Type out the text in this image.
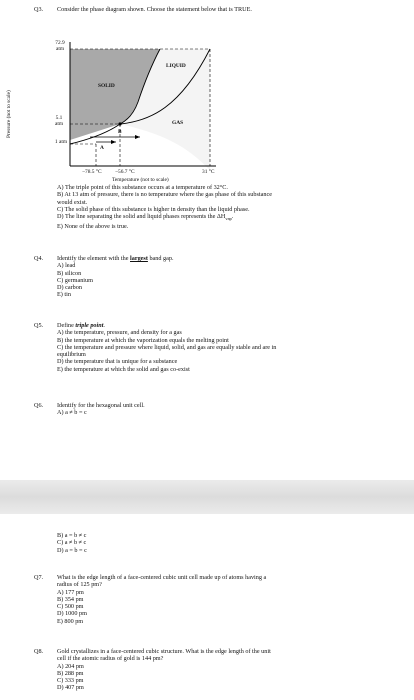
Q3.	Consider the phase diagram shown. Choose the statement below that is TRUE.
Pressure (not to scale)
72.9 atm
5.1 atm
1 atm
SOLID
LIQUID
GAS
B
A
−78.5 °C −56.7 °C	31 °C
Temperature (not to scale)
A) The triple point of this substance occurs at a temperature of 32°C.
B) At 13 atm of pressure, there is no temperature where the gas phase of this substance
would exist.
C) The solid phase of this substance is higher in density than the liquid phase.
D) The line separating the solid and liquid phases represents the $\Delta H_{vap}$.
E) None of the above is true.
Q4.	Identify the element with the largest band gap.
A) lead
B) silicon
C) germanium
D) carbon
E) tin
Q5.	Define triple point.
A) the temperature, pressure, and density for a gas
B) the temperature at which the vaporization equals the melting point
C) the temperature and pressure where liquid, solid, and gas are equally stable and are in
equilibrium
D) the temperature that is unique for a substance
E) the temperature at which the solid and gas co-exist
Q6.	Identify for the hexagonal unit cell.
A) a ≠ b = c
B) a = b ≠ c
C) a ≠ b ≠ c
D) a = b = c
Q7.	What is the edge length of a face-centered cubic unit cell made up of atoms having a
radius of 125 pm?
A) 177 pm
B) 354 pm
C) 500 pm
D) 1000 pm
E) 800 pm
Q8.	Gold crystallizes in a face-centered cubic structure. What is the edge length of the unit
cell if the atomic radius of gold is 144 pm?
A) 204 pm
B) 288 pm
C) 333 pm
D) 407 pm
